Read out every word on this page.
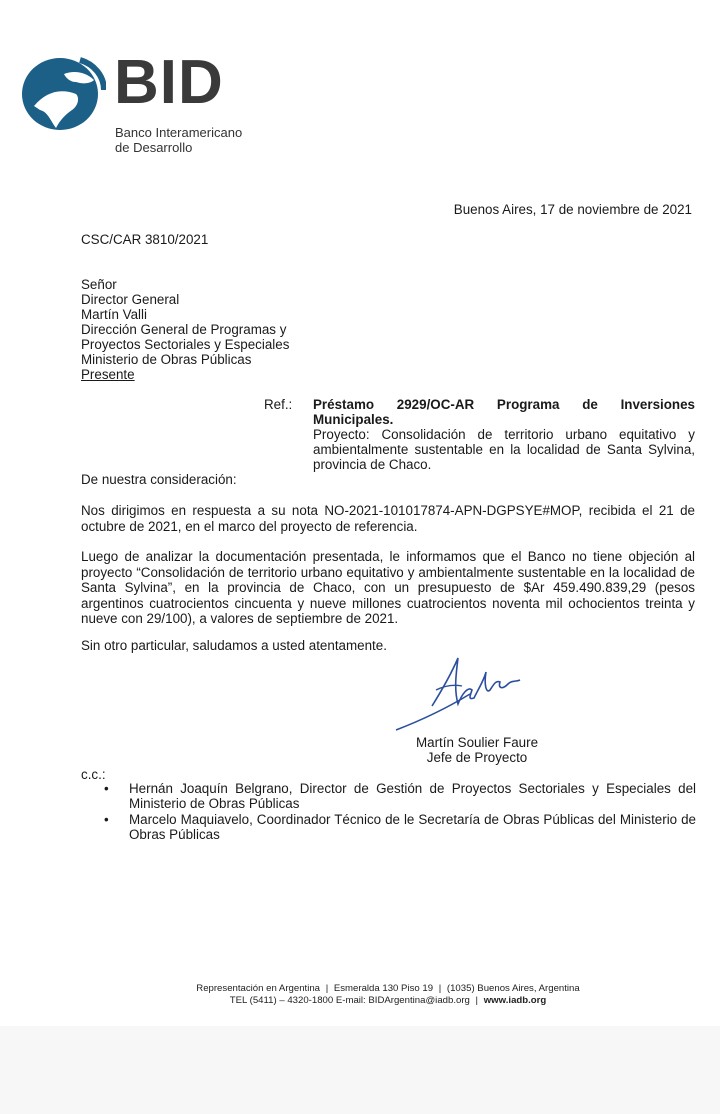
BID
Banco Interamericano
de Desarrollo
Buenos Aires, 17 de noviembre de 2021
CSC/CAR 3810/2021
Señor
Director General
Martín Valli
Dirección General de Programas y
Proyectos Sectoriales y Especiales
Ministerio de Obras Públicas
Presente
Ref.: Préstamo 2929/OC-AR Programa de Inversiones Municipales.
Proyecto: Consolidación de territorio urbano equitativo y ambientalmente sustentable en la localidad de Santa Sylvina, provincia de Chaco.
De nuestra consideración:
Nos dirigimos en respuesta a su nota NO-2021-101017874-APN-DGPSYE#MOP, recibida el 21 de octubre de 2021, en el marco del proyecto de referencia.
Luego de analizar la documentación presentada, le informamos que el Banco no tiene objeción al proyecto “Consolidación de territorio urbano equitativo y ambientalmente sustentable en la localidad de Santa Sylvina”, en la provincia de Chaco, con un presupuesto de $Ar 459.490.839,29 (pesos argentinos cuatrocientos cincuenta y nueve millones cuatrocientos noventa mil ochocientos treinta y nueve con 29/100), a valores de septiembre de 2021.
Sin otro particular, saludamos a usted atentamente.
Martín Soulier Faure
Jefe de Proyecto
c.c.:
• Hernán Joaquín Belgrano, Director de Gestión de Proyectos Sectoriales y Especiales del Ministerio de Obras Públicas
• Marcelo Maquiavelo, Coordinador Técnico de le Secretaría de Obras Públicas del Ministerio de Obras Públicas
Representación en Argentina | Esmeralda 130 Piso 19 | (1035) Buenos Aires, Argentina
TEL (5411) – 4320-1800 E-mail: BIDArgentina@iadb.org | www.iadb.org
